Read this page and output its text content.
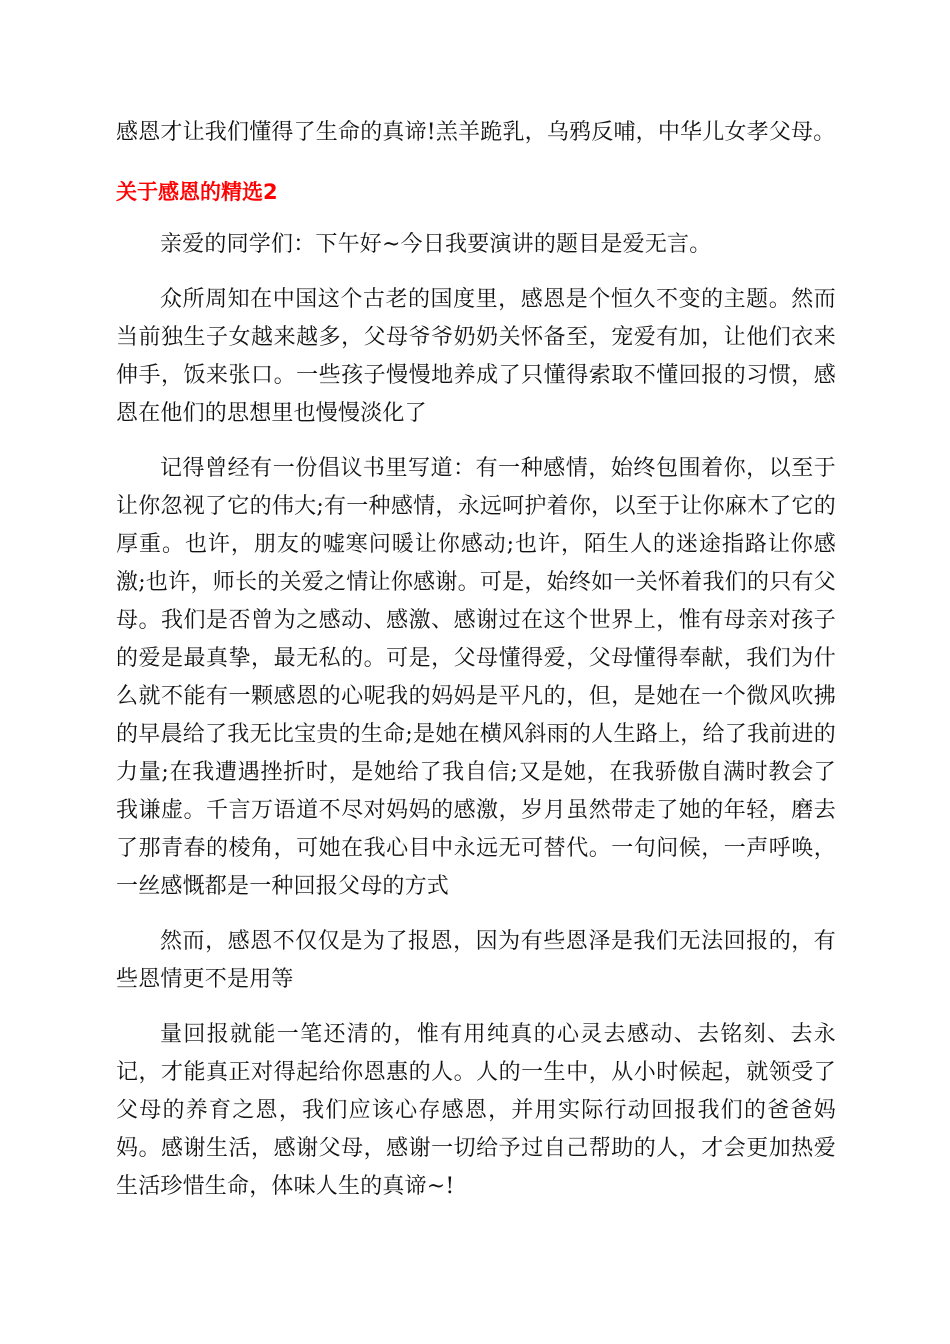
感恩才让我们懂得了生命的真谛!羔羊跪乳，乌鸦反哺，中华儿女孝父母。

关于感恩的精选2

亲爱的同学们：下午好~今日我要演讲的题目是爱无言。

众所周知在中国这个古老的国度里，感恩是个恒久不变的主题。然而当前独生子女越来越多，父母爷爷奶奶关怀备至，宠爱有加，让他们衣来伸手，饭来张口。一些孩子慢慢地养成了只懂得索取不懂回报的习惯，感恩在他们的思想里也慢慢淡化了

记得曾经有一份倡议书里写道：有一种感情，始终包围着你，以至于让你忽视了它的伟大;有一种感情，永远呵护着你，以至于让你麻木了它的厚重。也许，朋友的嘘寒问暖让你感动;也许，陌生人的迷途指路让你感激;也许，师长的关爱之情让你感谢。可是，始终如一关怀着我们的只有父母。我们是否曾为之感动、感激、感谢过在这个世界上，惟有母亲对孩子的爱是最真挚，最无私的。可是，父母懂得爱，父母懂得奉献，我们为什么就不能有一颗感恩的心呢我的妈妈是平凡的，但，是她在一个微风吹拂的早晨给了我无比宝贵的生命;是她在横风斜雨的人生路上，给了我前进的力量;在我遭遇挫折时，是她给了我自信;又是她，在我骄傲自满时教会了我谦虚。千言万语道不尽对妈妈的感激，岁月虽然带走了她的年轻，磨去了那青春的棱角，可她在我心目中永远无可替代。一句问候，一声呼唤，一丝感慨都是一种回报父母的方式

然而，感恩不仅仅是为了报恩，因为有些恩泽是我们无法回报的，有些恩情更不是用等

量回报就能一笔还清的，惟有用纯真的心灵去感动、去铭刻、去永记，才能真正对得起给你恩惠的人。人的一生中，从小时候起，就领受了父母的养育之恩，我们应该心存感恩，并用实际行动回报我们的爸爸妈妈。感谢生活，感谢父母，感谢一切给予过自己帮助的人，才会更加热爱生活珍惜生命，体味人生的真谛~!
